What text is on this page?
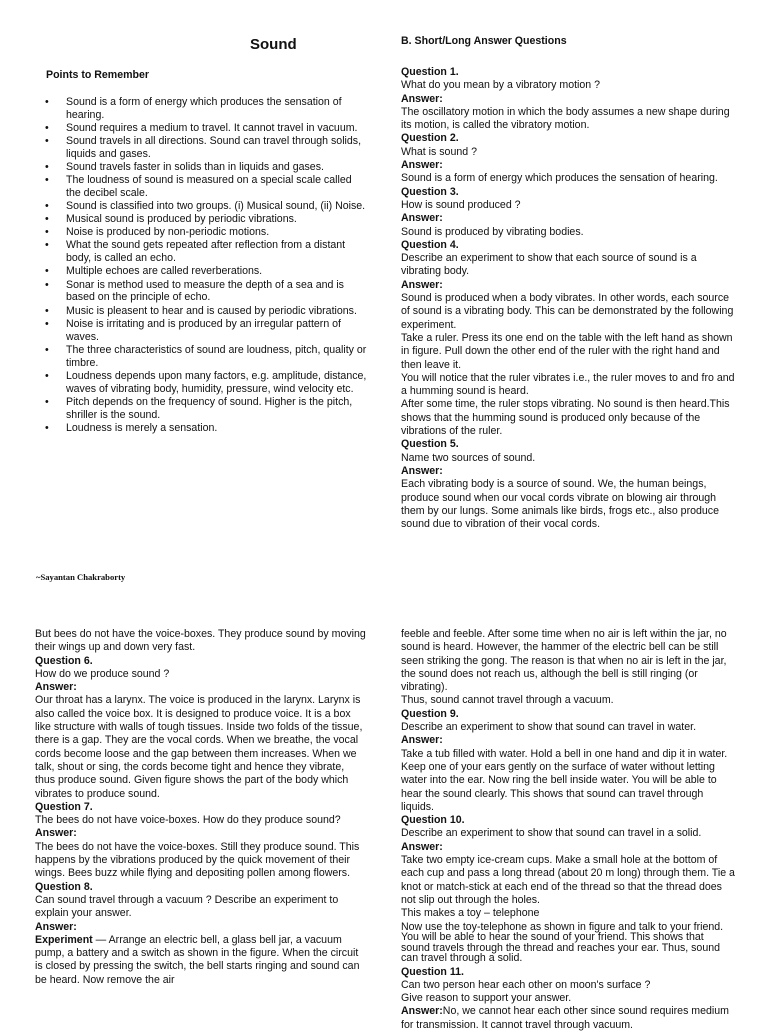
Sound
Points to Remember
• Sound is a form of energy which produces the sensation of hearing.
• Sound requires a medium to travel. It cannot travel in vacuum.
• Sound travels in all directions. Sound can travel through solids, liquids and gases.
• Sound travels faster in solids than in liquids and gases.
• The loudness of sound is measured on a special scale called the decibel scale.
• Sound is classified into two groups. (i) Musical sound, (ii) Noise.
• Musical sound is produced by periodic vibrations.
• Noise is produced by non-periodic motions.
• What the sound gets repeated after reflection from a distant body, is called an echo.
• Multiple echoes are called reverberations.
• Sonar is method used to measure the depth of a sea and is based on the principle of echo.
• Music is pleasent to hear and is caused by periodic vibrations.
• Noise is irritating and is produced by an irregular pattern of waves.
• The three characteristics of sound are loudness, pitch, quality or timbre.
• Loudness depends upon many factors, e.g. amplitude, distance, waves of vibrating body, humidity, pressure, wind velocity etc.
• Pitch depends on the frequency of sound. Higher is the pitch, shriller is the sound.
• Loudness is merely a sensation.
~Sayantan Chakraborty
B. Short/Long Answer Questions

Question 1.

What do you mean by a vibratory motion ?

Answer:

The oscillatory motion in which the body assumes a new shape during its motion, is called the vibratory motion.

Question 2.

What is sound ?

Answer:

Sound is a form of energy which produces the sensation of hearing.

Question 3.

How is sound produced ?

Answer:

Sound is produced by vibrating bodies.

Question 4.

Describe an experiment to show that each source of sound is a vibrating body.

Answer:

Sound is produced when a body vibrates. In other words, each source of sound is a vibrating body. This can be demonstrated by the following experiment.

Take a ruler. Press its one end on the table with the left hand as shown in figure. Pull down the other end of the ruler with the right hand and then leave it.

You will notice that the ruler vibrates i.e., the ruler moves to and fro and a humming sound is heard.

After some time, the ruler stops vibrating. No sound is then heard.This shows that the humming sound is produced only because of the vibrations of the ruler.

Question 5.

Name two sources of sound.

Answer:

Each vibrating body is a source of sound. We, the human beings, produce sound when our vocal cords vibrate on blowing air through them by our lungs. Some animals like birds, frogs etc., also produce sound due to vibration of their vocal cords.

But bees do not have the voice-boxes. They produce sound by moving their wings up and down very fast.

Question 6.

How do we produce sound ?

Answer:

Our throat has a larynx. The voice is produced in the larynx. Larynx is also called the voice box. It is designed to produce voice. It is a box like structure with walls of tough tissues. Inside two folds of the tissue, there is a gap. They are the vocal cords. When we breathe, the vocal cords become loose and the gap between them increases. When we talk, shout or sing, the cords become tight and hence they vibrate, thus produce sound. Given figure shows the part of the body which vibrates to produce sound.

Question 7.

The bees do not have voice-boxes. How do they produce sound?

Answer:

The bees do not have the voice-boxes. Still they produce sound. This happens by the vibrations produced by the quick movement of their wings. Bees buzz while flying and depositing pollen among flowers.

Question 8.

Can sound travel through a vacuum ? Describe an experiment to explain your answer.

Answer:

Experiment — Arrange an electric bell, a glass bell jar, a vacuum pump, a battery and a switch as shown in the figure. When the circuit is closed by pressing the switch, the bell starts ringing and sound can be heard. Now remove the air

feeble and feeble. After some time when no air is left within the jar, no sound is heard. However, the hammer of the electric bell can be still seen striking the gong. The reason is that when no air is left in the jar, the sound does not reach us, although the bell is still ringing (or vibrating).

Thus, sound cannot travel through a vacuum.

Question 9.

Describe an experiment to show that sound can travel in water.

Answer:

Take a tub filled with water. Hold a bell in one hand and dip it in water. Keep one of your ears gently on the surface of water without letting water into the ear. Now ring the bell inside water. You will be able to hear the sound clearly. This shows that sound can travel through liquids.

Question 10.

Describe an experiment to show that sound can travel in a solid.

Answer:

Take two empty ice-cream cups. Make a small hole at the bottom of each cup and pass a long thread (about 20 m long) through them. Tie a knot or match-stick at each end of the thread so that the thread does not slip out through the holes.

This makes a toy – telephone

Now use the toy-telephone as shown in figure and talk to your friend. You will be able to hear the sound of your friend. This shows that sound travels through the thread and reaches your ear. Thus, sound can travel through a solid.

Question 11.

Can two person hear each other on moon's surface ?

Give reason to support your answer.

Answer:No, we cannot hear each other since sound requires medium for transmission. It cannot travel through vacuum.
